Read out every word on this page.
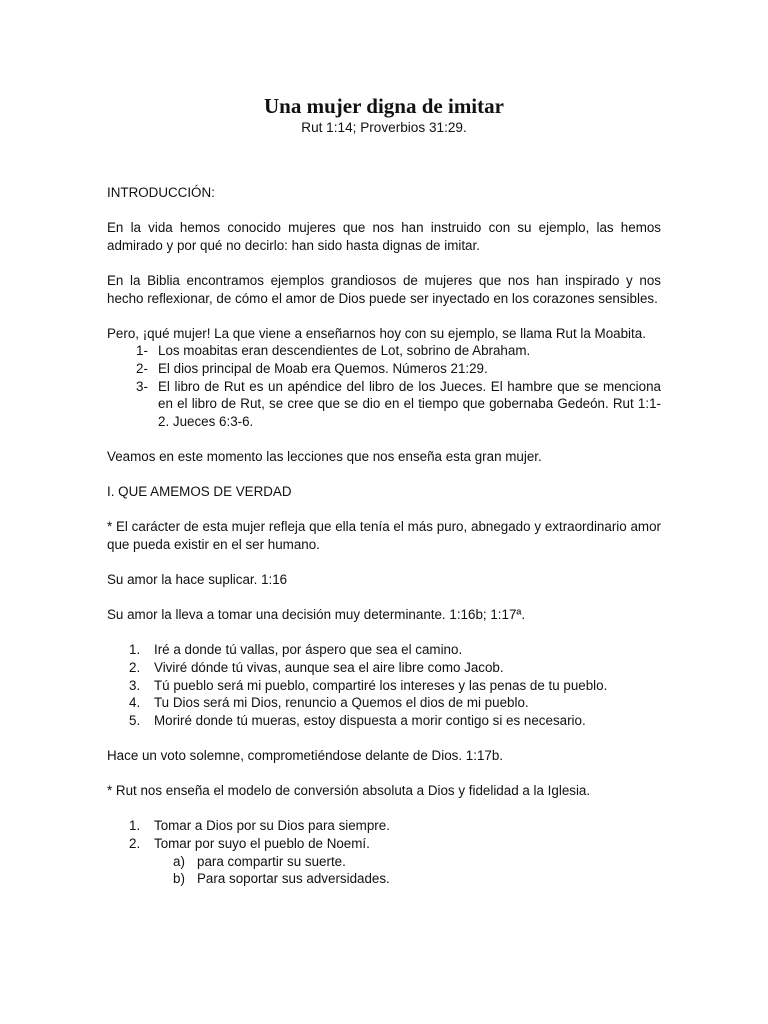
Una mujer digna de imitar
Rut 1:14; Proverbios 31:29.

INTRODUCCIÓN:

En la vida hemos conocido mujeres que nos han instruido con su ejemplo, las hemos admirado y por qué no decirlo: han sido hasta dignas de imitar.

En la Biblia encontramos ejemplos grandiosos de mujeres que nos han inspirado y nos hecho reflexionar, de cómo el amor de Dios puede ser inyectado en los corazones sensibles.

Pero, ¡qué mujer! La que viene a enseñarnos hoy con su ejemplo, se llama Rut la Moabita.

1- Los moabitas eran descendientes de Lot, sobrino de Abraham.
2- El dios principal de Moab era Quemos. Números 21:29.
3- El libro de Rut es un apéndice del libro de los Jueces. El hambre que se menciona en el libro de Rut, se cree que se dio en el tiempo que gobernaba Gedeón. Rut 1:1-2. Jueces 6:3-6.

Veamos en este momento las lecciones que nos enseña esta gran mujer.

I. QUE AMEMOS DE VERDAD

* El carácter de esta mujer refleja que ella tenía el más puro, abnegado y extraordinario amor que pueda existir en el ser humano.

Su amor la hace suplicar. 1:16

Su amor la lleva a tomar una decisión muy determinante. 1:16b; 1:17ª.

1. Iré a donde tú vallas, por áspero que sea el camino.
2. Viviré dónde tú vivas, aunque sea el aire libre como Jacob.
3. Tú pueblo será mi pueblo, compartiré los intereses y las penas de tu pueblo.
4. Tu Dios será mi Dios, renuncio a Quemos el dios de mi pueblo.
5. Moriré donde tú mueras, estoy dispuesta a morir contigo si es necesario.

Hace un voto solemne, comprometiéndose delante de Dios. 1:17b.

* Rut nos enseña el modelo de conversión absoluta a Dios y fidelidad a la Iglesia.

1. Tomar a Dios por su Dios para siempre.
2. Tomar por suyo el pueblo de Noemí.
a) para compartir su suerte.
b) Para soportar sus adversidades.
